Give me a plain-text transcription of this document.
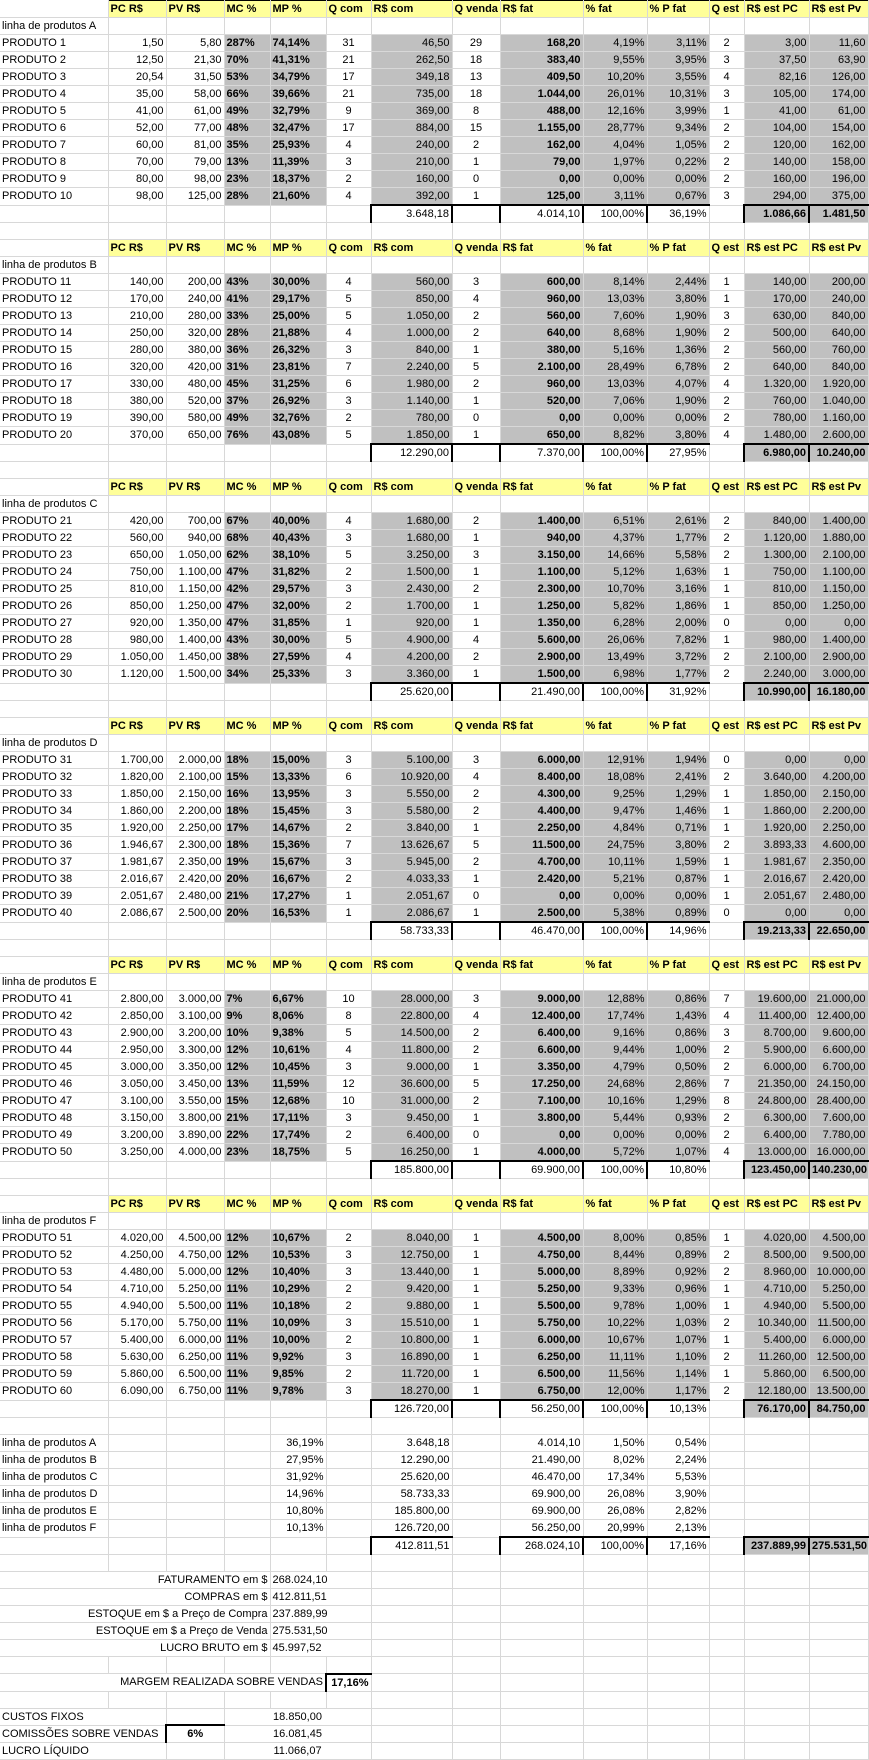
	PC R$	PV R$	MC %	MP %	Q com	R$ com	Q venda	R$ fat	% fat	% P fat	Q est	R$ est PC	R$ est Pv
linha de produtos A													
PRODUTO 1	1,50	5,80	287%	74,14%	31	46,50	29	168,20	4,19%	3,11%	2	3,00	11,60
PRODUTO 2	12,50	21,30	70%	41,31%	21	262,50	18	383,40	9,55%	3,95%	3	37,50	63,90
PRODUTO 3	20,54	31,50	53%	34,79%	17	349,18	13	409,50	10,20%	3,55%	4	82,16	126,00
PRODUTO 4	35,00	58,00	66%	39,66%	21	735,00	18	1.044,00	26,01%	10,31%	3	105,00	174,00
PRODUTO 5	41,00	61,00	49%	32,79%	9	369,00	8	488,00	12,16%	3,99%	1	41,00	61,00
PRODUTO 6	52,00	77,00	48%	32,47%	17	884,00	15	1.155,00	28,77%	9,34%	2	104,00	154,00
PRODUTO 7	60,00	81,00	35%	25,93%	4	240,00	2	162,00	4,04%	1,05%	2	120,00	162,00
PRODUTO 8	70,00	79,00	13%	11,39%	3	210,00	1	79,00	1,97%	0,22%	2	140,00	158,00
PRODUTO 9	80,00	98,00	23%	18,37%	2	160,00	0	0,00	0,00%	0,00%	2	160,00	196,00
PRODUTO 10	98,00	125,00	28%	21,60%	4	392,00	1	125,00	3,11%	0,67%	3	294,00	375,00
						3.648,18		4.014,10	100,00%	36,19%		1.086,66	1.481,50

	PC R$	PV R$	MC %	MP %	Q com	R$ com	Q venda	R$ fat	% fat	% P fat	Q est	R$ est PC	R$ est Pv
linha de produtos B													
PRODUTO 11	140,00	200,00	43%	30,00%	4	560,00	3	600,00	8,14%	2,44%	1	140,00	200,00
PRODUTO 12	170,00	240,00	41%	29,17%	5	850,00	4	960,00	13,03%	3,80%	1	170,00	240,00
PRODUTO 13	210,00	280,00	33%	25,00%	5	1.050,00	2	560,00	7,60%	1,90%	3	630,00	840,00
PRODUTO 14	250,00	320,00	28%	21,88%	4	1.000,00	2	640,00	8,68%	1,90%	2	500,00	640,00
PRODUTO 15	280,00	380,00	36%	26,32%	3	840,00	1	380,00	5,16%	1,36%	2	560,00	760,00
PRODUTO 16	320,00	420,00	31%	23,81%	7	2.240,00	5	2.100,00	28,49%	6,78%	2	640,00	840,00
PRODUTO 17	330,00	480,00	45%	31,25%	6	1.980,00	2	960,00	13,03%	4,07%	4	1.320,00	1.920,00
PRODUTO 18	380,00	520,00	37%	26,92%	3	1.140,00	1	520,00	7,06%	1,90%	2	760,00	1.040,00
PRODUTO 19	390,00	580,00	49%	32,76%	2	780,00	0	0,00	0,00%	0,00%	2	780,00	1.160,00
PRODUTO 20	370,00	650,00	76%	43,08%	5	1.850,00	1	650,00	8,82%	3,80%	4	1.480,00	2.600,00
						12.290,00		7.370,00	100,00%	27,95%		6.980,00	10.240,00

	PC R$	PV R$	MC %	MP %	Q com	R$ com	Q venda	R$ fat	% fat	% P fat	Q est	R$ est PC	R$ est Pv
linha de produtos C													
PRODUTO 21	420,00	700,00	67%	40,00%	4	1.680,00	2	1.400,00	6,51%	2,61%	2	840,00	1.400,00
PRODUTO 22	560,00	940,00	68%	40,43%	3	1.680,00	1	940,00	4,37%	1,77%	2	1.120,00	1.880,00
PRODUTO 23	650,00	1.050,00	62%	38,10%	5	3.250,00	3	3.150,00	14,66%	5,58%	2	1.300,00	2.100,00
PRODUTO 24	750,00	1.100,00	47%	31,82%	2	1.500,00	1	1.100,00	5,12%	1,63%	1	750,00	1.100,00
PRODUTO 25	810,00	1.150,00	42%	29,57%	3	2.430,00	2	2.300,00	10,70%	3,16%	1	810,00	1.150,00
PRODUTO 26	850,00	1.250,00	47%	32,00%	2	1.700,00	1	1.250,00	5,82%	1,86%	1	850,00	1.250,00
PRODUTO 27	920,00	1.350,00	47%	31,85%	1	920,00	1	1.350,00	6,28%	2,00%	0	0,00	0,00
PRODUTO 28	980,00	1.400,00	43%	30,00%	5	4.900,00	4	5.600,00	26,06%	7,82%	1	980,00	1.400,00
PRODUTO 29	1.050,00	1.450,00	38%	27,59%	4	4.200,00	2	2.900,00	13,49%	3,72%	2	2.100,00	2.900,00
PRODUTO 30	1.120,00	1.500,00	34%	25,33%	3	3.360,00	1	1.500,00	6,98%	1,77%	2	2.240,00	3.000,00
						25.620,00		21.490,00	100,00%	31,92%		10.990,00	16.180,00

	PC R$	PV R$	MC %	MP %	Q com	R$ com	Q venda	R$ fat	% fat	% P fat	Q est	R$ est PC	R$ est Pv
linha de produtos D													
PRODUTO 31	1.700,00	2.000,00	18%	15,00%	3	5.100,00	3	6.000,00	12,91%	1,94%	0	0,00	0,00
PRODUTO 32	1.820,00	2.100,00	15%	13,33%	6	10.920,00	4	8.400,00	18,08%	2,41%	2	3.640,00	4.200,00
PRODUTO 33	1.850,00	2.150,00	16%	13,95%	3	5.550,00	2	4.300,00	9,25%	1,29%	1	1.850,00	2.150,00
PRODUTO 34	1.860,00	2.200,00	18%	15,45%	3	5.580,00	2	4.400,00	9,47%	1,46%	1	1.860,00	2.200,00
PRODUTO 35	1.920,00	2.250,00	17%	14,67%	2	3.840,00	1	2.250,00	4,84%	0,71%	1	1.920,00	2.250,00
PRODUTO 36	1.946,67	2.300,00	18%	15,36%	7	13.626,67	5	11.500,00	24,75%	3,80%	2	3.893,33	4.600,00
PRODUTO 37	1.981,67	2.350,00	19%	15,67%	3	5.945,00	2	4.700,00	10,11%	1,59%	1	1.981,67	2.350,00
PRODUTO 38	2.016,67	2.420,00	20%	16,67%	2	4.033,33	1	2.420,00	5,21%	0,87%	1	2.016,67	2.420,00
PRODUTO 39	2.051,67	2.480,00	21%	17,27%	1	2.051,67	0	0,00	0,00%	0,00%	1	2.051,67	2.480,00
PRODUTO 40	2.086,67	2.500,00	20%	16,53%	1	2.086,67	1	2.500,00	5,38%	0,89%	0	0,00	0,00
						58.733,33		46.470,00	100,00%	14,96%		19.213,33	22.650,00

	PC R$	PV R$	MC %	MP %	Q com	R$ com	Q venda	R$ fat	% fat	% P fat	Q est	R$ est PC	R$ est Pv
linha de produtos E													
PRODUTO 41	2.800,00	3.000,00	7%	6,67%	10	28.000,00	3	9.000,00	12,88%	0,86%	7	19.600,00	21.000,00
PRODUTO 42	2.850,00	3.100,00	9%	8,06%	8	22.800,00	4	12.400,00	17,74%	1,43%	4	11.400,00	12.400,00
PRODUTO 43	2.900,00	3.200,00	10%	9,38%	5	14.500,00	2	6.400,00	9,16%	0,86%	3	8.700,00	9.600,00
PRODUTO 44	2.950,00	3.300,00	12%	10,61%	4	11.800,00	2	6.600,00	9,44%	1,00%	2	5.900,00	6.600,00
PRODUTO 45	3.000,00	3.350,00	12%	10,45%	3	9.000,00	1	3.350,00	4,79%	0,50%	2	6.000,00	6.700,00
PRODUTO 46	3.050,00	3.450,00	13%	11,59%	12	36.600,00	5	17.250,00	24,68%	2,86%	7	21.350,00	24.150,00
PRODUTO 47	3.100,00	3.550,00	15%	12,68%	10	31.000,00	2	7.100,00	10,16%	1,29%	8	24.800,00	28.400,00
PRODUTO 48	3.150,00	3.800,00	21%	17,11%	3	9.450,00	1	3.800,00	5,44%	0,93%	2	6.300,00	7.600,00
PRODUTO 49	3.200,00	3.890,00	22%	17,74%	2	6.400,00	0	0,00	0,00%	0,00%	2	6.400,00	7.780,00
PRODUTO 50	3.250,00	4.000,00	23%	18,75%	5	16.250,00	1	4.000,00	5,72%	1,07%	4	13.000,00	16.000,00
						185.800,00		69.900,00	100,00%	10,80%		123.450,00	140.230,00

	PC R$	PV R$	MC %	MP %	Q com	R$ com	Q venda	R$ fat	% fat	% P fat	Q est	R$ est PC	R$ est Pv
linha de produtos F													
PRODUTO 51	4.020,00	4.500,00	12%	10,67%	2	8.040,00	1	4.500,00	8,00%	0,85%	1	4.020,00	4.500,00
PRODUTO 52	4.250,00	4.750,00	12%	10,53%	3	12.750,00	1	4.750,00	8,44%	0,89%	2	8.500,00	9.500,00
PRODUTO 53	4.480,00	5.000,00	12%	10,40%	3	13.440,00	1	5.000,00	8,89%	0,92%	2	8.960,00	10.000,00
PRODUTO 54	4.710,00	5.250,00	11%	10,29%	2	9.420,00	1	5.250,00	9,33%	0,96%	1	4.710,00	5.250,00
PRODUTO 55	4.940,00	5.500,00	11%	10,18%	2	9.880,00	1	5.500,00	9,78%	1,00%	1	4.940,00	5.500,00
PRODUTO 56	5.170,00	5.750,00	11%	10,09%	3	15.510,00	1	5.750,00	10,22%	1,03%	2	10.340,00	11.500,00
PRODUTO 57	5.400,00	6.000,00	11%	10,00%	2	10.800,00	1	6.000,00	10,67%	1,07%	1	5.400,00	6.000,00
PRODUTO 58	5.630,00	6.250,00	11%	9,92%	3	16.890,00	1	6.250,00	11,11%	1,10%	2	11.260,00	12.500,00
PRODUTO 59	5.860,00	6.500,00	11%	9,85%	2	11.720,00	1	6.500,00	11,56%	1,14%	1	5.860,00	6.500,00
PRODUTO 60	6.090,00	6.750,00	11%	9,78%	3	18.270,00	1	6.750,00	12,00%	1,17%	2	12.180,00	13.500,00
						126.720,00		56.250,00	100,00%	10,13%		76.170,00	84.750,00

linha de produtos A				36,19%		3.648,18		4.014,10	1,50%	0,54%			
linha de produtos B				27,95%		12.290,00		21.490,00	8,02%	2,24%			
linha de produtos C				31,92%		25.620,00		46.470,00	17,34%	5,53%			
linha de produtos D				14,96%		58.733,33		69.900,00	26,08%	3,90%			
linha de produtos E				10,80%		185.800,00		69.900,00	26,08%	2,82%			
linha de produtos F				10,13%		126.720,00		56.250,00	20,99%	2,13%			
						412.811,51		268.024,10	100,00%	17,16%		237.889,99	275.531,50

FATURAMENTO em $				268.024,10									
COMPRAS em $				412.811,51									
ESTOQUE em $ a Preço de Compra				237.889,99									
ESTOQUE em $ a Preço de Venda				275.531,50									
LUCRO BRUTO em $				45.997,52									

MARGEM REALIZADA SOBRE VENDAS					17,16%								

CUSTOS FIXOS			18.850,00										
COMISSÕES SOBRE VENDAS		6%	16.081,45										
LUCRO LÍQUIDO			11.066,07										
